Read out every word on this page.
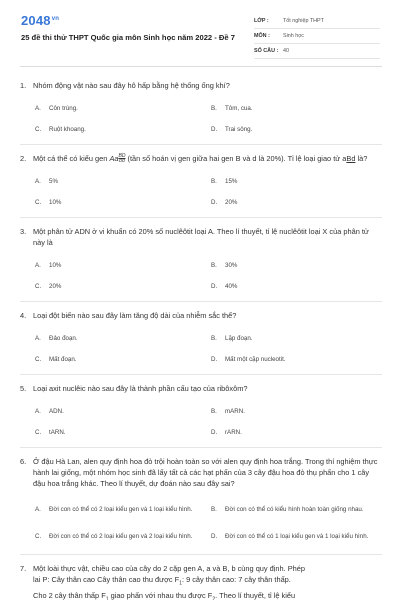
$2048^{vn}$
25 đề thi thử THPT Quốc gia môn Sinh học năm 2022 - Đề 7
LỚP :	Tốt nghiệp THPT
MÔN :	Sinh học
SỐ CÂU : 40
1. Nhóm động vật nào sau đây hô hấp bằng hệ thống ống khí?
A.	Côn trùng.	B.	Tôm, cua.
C.	Ruột khoang.	D.	Trai sông.
2. Một cá thể có kiểu gen Aa $\frac{BD}{bd}$ (tần số hoán vị gen giữa hai gen B và d là 20%). Tỉ lệ loại giao tử aBd là?
A.	5%	B.	15%
C.	10%	D.	20%
3. Một phân tử ADN ở vi khuẩn có 20% số nuclêôtit loại A. Theo lí thuyết, tỉ lệ nuclêôtit loại X của phân tử này là
A.	10%	B.	30%
C.	20%	D.	40%
4. Loại đột biến nào sau đây làm tăng độ dài của nhiễm sắc thể?
A.	Đảo đoạn.	B.	Lặp đoạn.
C.	Mất đoạn.	D.	Mất một cặp nucleotit.
5. Loại axit nuclêic nào sau đây là thành phần cấu tạo của ribôxôm?
A.	ADN.	B.	mARN.
C.	tARN.	D.	rARN.
6. Ở đậu Hà Lan, alen quy định hoa đỏ trội hoàn toàn so với alen quy định hoa trắng. Trong thí nghiệm thực hành lai giống, một nhóm học sinh đã lấy tất cả các hạt phấn của 3 cây đậu hoa đỏ thụ phấn cho 1 cây đậu hoa trắng khác. Theo lí thuyết, dự đoán nào sau đây sai?
A.	Đời con có thể có 2 loại kiểu gen và 1 loại kiểu hình.	B.	Đời con có thể có kiểu hình hoàn toàn giống nhau.
C.	Đời con có thể có 2 loại kiểu gen và 2 loại kiểu hình.	D.	Đời con có thể có 1 loại kiểu gen và 1 loại kiểu hình.
7. Một loài thực vật, chiều cao của cây do 2 cặp gen A, a và B, b cùng quy định. Phép
lai P: Cây thân cao Cây thân cao thu được $F_1$: 9 cây thân cao: 7 cây thân thấp.
Cho 2 cây thân thấp $F_1$ giao phấn với nhau thu được $F_2$. Theo lí thuyết, tỉ lệ kiểu
